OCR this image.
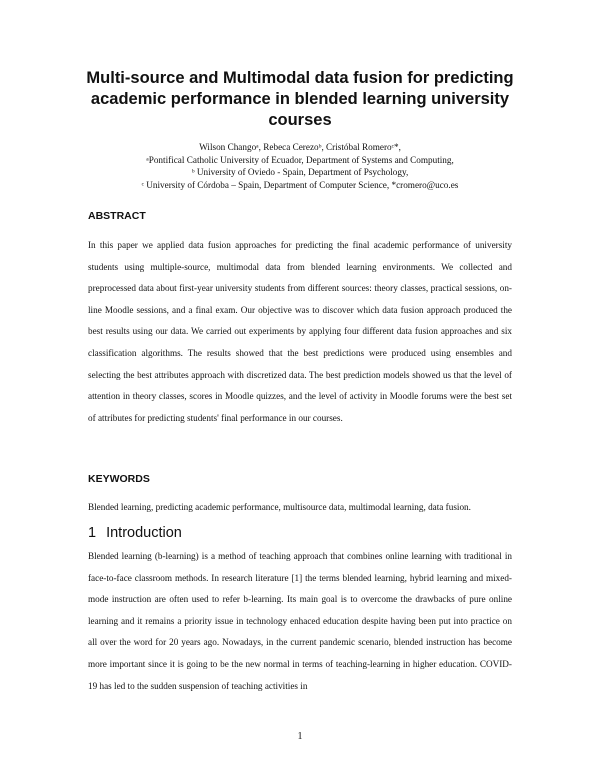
Multi-source and Multimodal data fusion for predicting academic performance in blended learning university courses
Wilson Changoᵃ, Rebeca Cerezoᵇ, Cristóbal Romeroᶜ*,
ᵃPontifical Catholic University of Ecuador, Department of Systems and Computing,
ᵇ University of Oviedo - Spain, Department of Psychology,
ᶜ University of Córdoba – Spain, Department of Computer Science, *cromero@uco.es
ABSTRACT

In this paper we applied data fusion approaches for predicting the final academic performance of university students using multiple-source, multimodal data from blended learning environments. We collected and preprocessed data about first-year university students from different sources: theory classes, practical sessions, on-line Moodle sessions, and a final exam. Our objective was to discover which data fusion approach produced the best results using our data. We carried out experiments by applying four different data fusion approaches and six classification algorithms. The results showed that the best predictions were produced using ensembles and selecting the best attributes approach with discretized data. The best prediction models showed us that the level of attention in theory classes, scores in Moodle quizzes, and the level of activity in Moodle forums were the best set of attributes for predicting students' final performance in our courses.

KEYWORDS

Blended learning, predicting academic performance, multisource data, multimodal learning, data fusion.

1 Introduction

Blended learning (b-learning) is a method of teaching approach that combines online learning with traditional in face-to-face classroom methods. In research literature [1] the terms blended learning, hybrid learning and mixed-mode instruction are often used to refer b-learning. Its main goal is to overcome the drawbacks of pure online learning and it remains a priority issue in technology enhaced education despite having been put into practice on all over the word for 20 years ago. Nowadays, in the current pandemic scenario, blended instruction has become more important since it is going to be the new normal in terms of teaching-learning in higher education. COVID-19 has led to the sudden suspension of teaching activities in

1
